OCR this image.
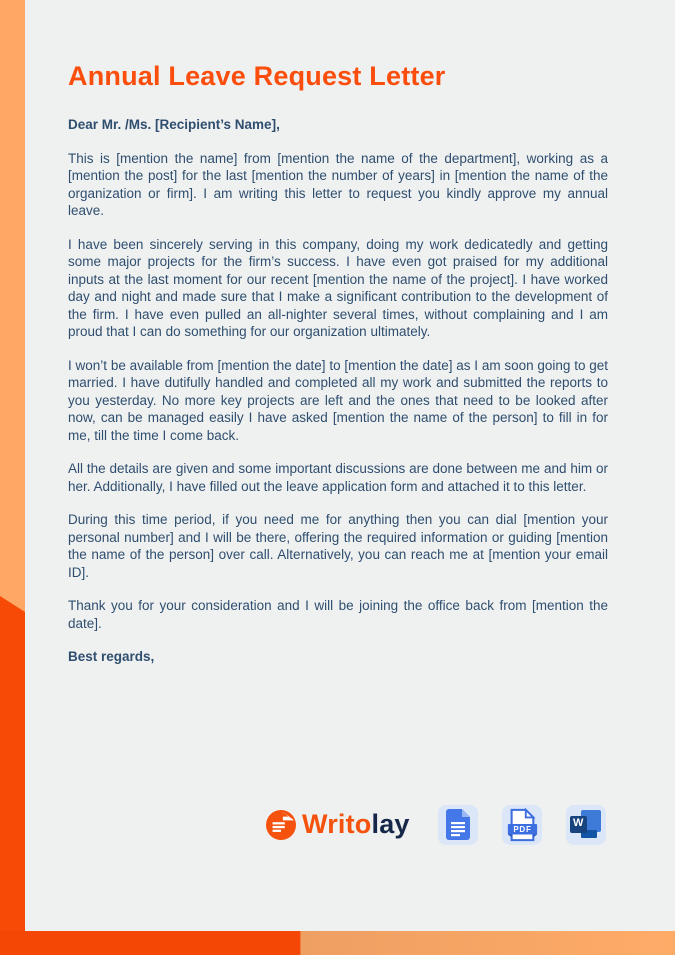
Annual Leave Request Letter

Dear Mr. /Ms. [Recipient’s Name],

This is [mention the name] from [mention the name of the department], working as a [mention the post] for the last [mention the number of years] in [mention the name of the organization or firm]. I am writing this letter to request you kindly approve my annual leave.

I have been sincerely serving in this company, doing my work dedicatedly and getting some major projects for the firm’s success. I have even got praised for my additional inputs at the last moment for our recent [mention the name of the project]. I have worked day and night and made sure that I make a significant contribution to the development of the firm. I have even pulled an all-nighter several times, without complaining and I am proud that I can do something for our organization ultimately.

I won’t be available from [mention the date] to [mention the date] as I am soon going to get married. I have dutifully handled and completed all my work and submitted the reports to you yesterday. No more key projects are left and the ones that need to be looked after now, can be managed easily I have asked [mention the name of the person] to fill in for me, till the time I come back.

All the details are given and some important discussions are done between me and him or her. Additionally, I have filled out the leave application form and attached it to this letter.

During this time period, if you need me for anything then you can dial [mention your personal number] and I will be there, offering the required information or guiding [mention the name of the person] over call. Alternatively, you can reach me at [mention your email ID].

Thank you for your consideration and I will be joining the office back from [mention the date].

Best regards,

Writolay	PDF	W
